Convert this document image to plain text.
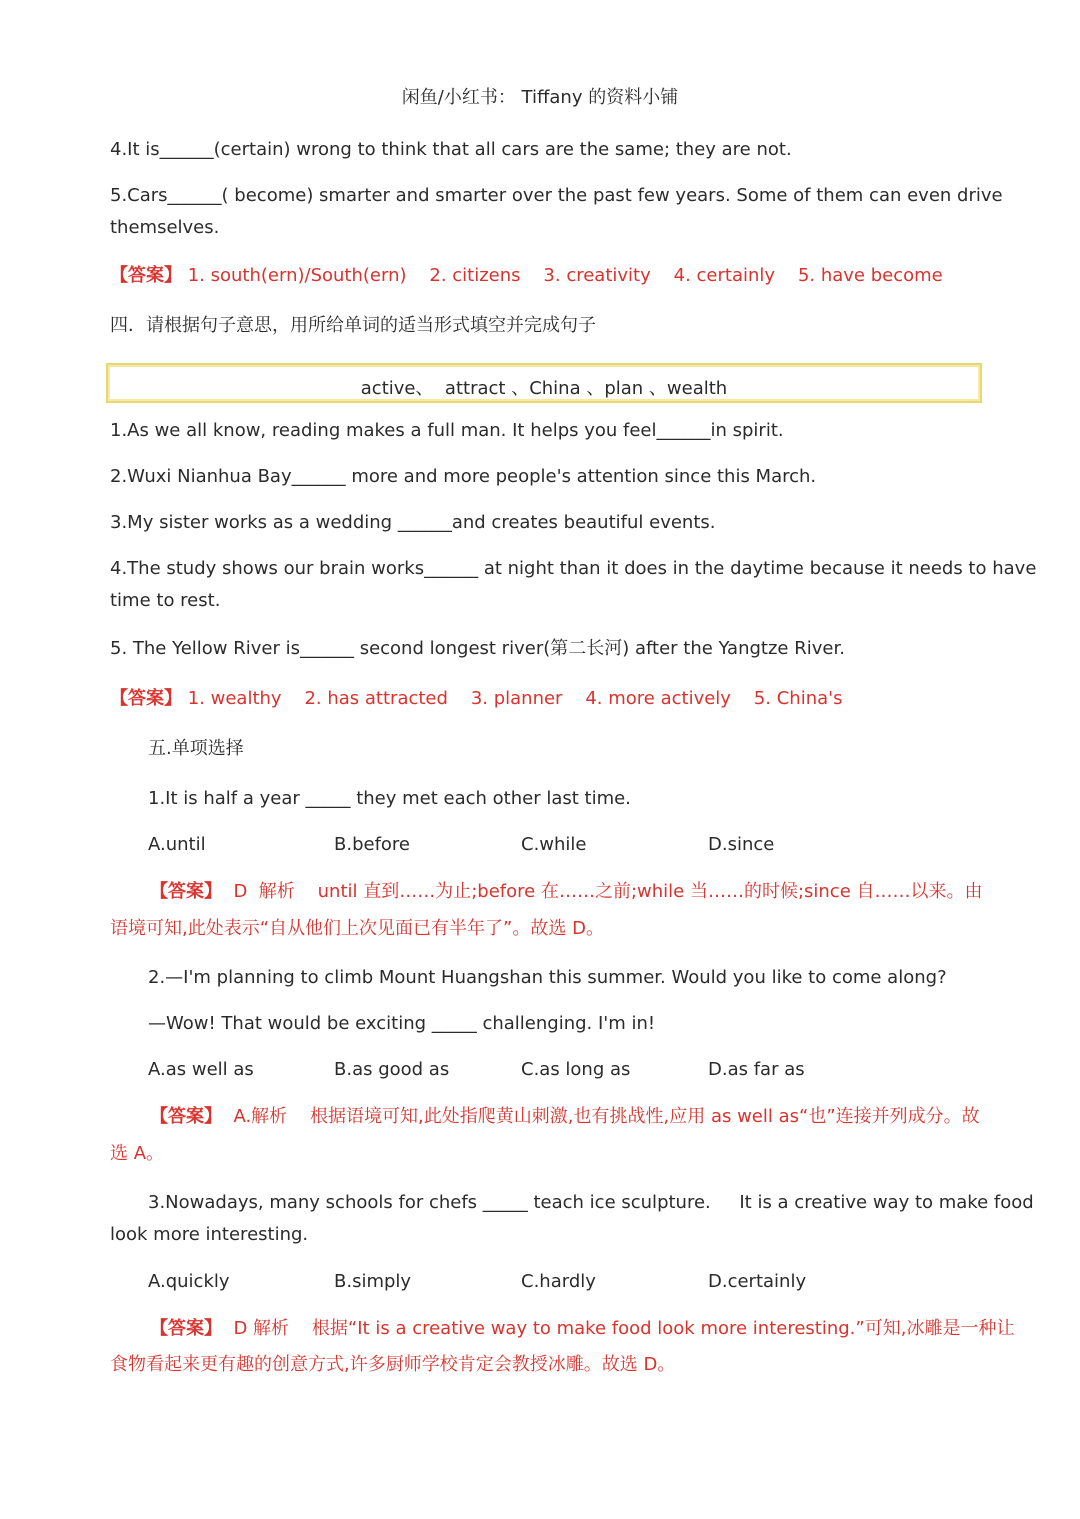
闲鱼/小红书： Tiffany 的资料小铺
4.It is______(certain) wrong to think that all cars are the same; they are not.
5.Cars______( become) smarter and smarter over the past few years. Some of them can even drive
themselves.
【答案】 1. south(ern)/South(ern)    2. citizens    3. creativity    4. certainly    5. have become
四．请根据句子意思，用所给单词的适当形式填空并完成句子
active、  attract 、China 、plan 、wealth
1.As we all know, reading makes a full man. It helps you feel______in spirit.
2.Wuxi Nianhua Bay______ more and more people's attention since this March.
3.My sister works as a wedding ______and creates beautiful events.
4.The study shows our brain works______ at night than it does in the daytime because it needs to have
time to rest.
5. The Yellow River is______ second longest river(第二长河) after the Yangtze River.
【答案】 1. wealthy    2. has attracted    3. planner    4. more actively    5. China's
五.单项选择
1.It is half a year _____ they met each other last time.
A.until	B.before	C.while	D.since
【答案】  D  解析    until 直到……为止;before 在……之前;while 当……的时候;since 自……以来。由
语境可知,此处表示“自从他们上次见面已有半年了”。故选 D。
2.—I'm planning to climb Mount Huangshan this summer. Would you like to come along?
—Wow! That would be exciting _____ challenging. I'm in!
A.as well as	B.as good as	C.as long as	D.as far as
【答案】  A.解析    根据语境可知,此处指爬黄山刺激,也有挑战性,应用 as well as“也”连接并列成分。故
选 A。
3.Nowadays, many schools for chefs _____ teach ice sculpture.     It is a creative way to make food
look more interesting.
A.quickly	B.simply	C.hardly	D.certainly
【答案】  D 解析    根据“It is a creative way to make food look more interesting.”可知,冰雕是一种让
食物看起来更有趣的创意方式,许多厨师学校肯定会教授冰雕。故选 D。
